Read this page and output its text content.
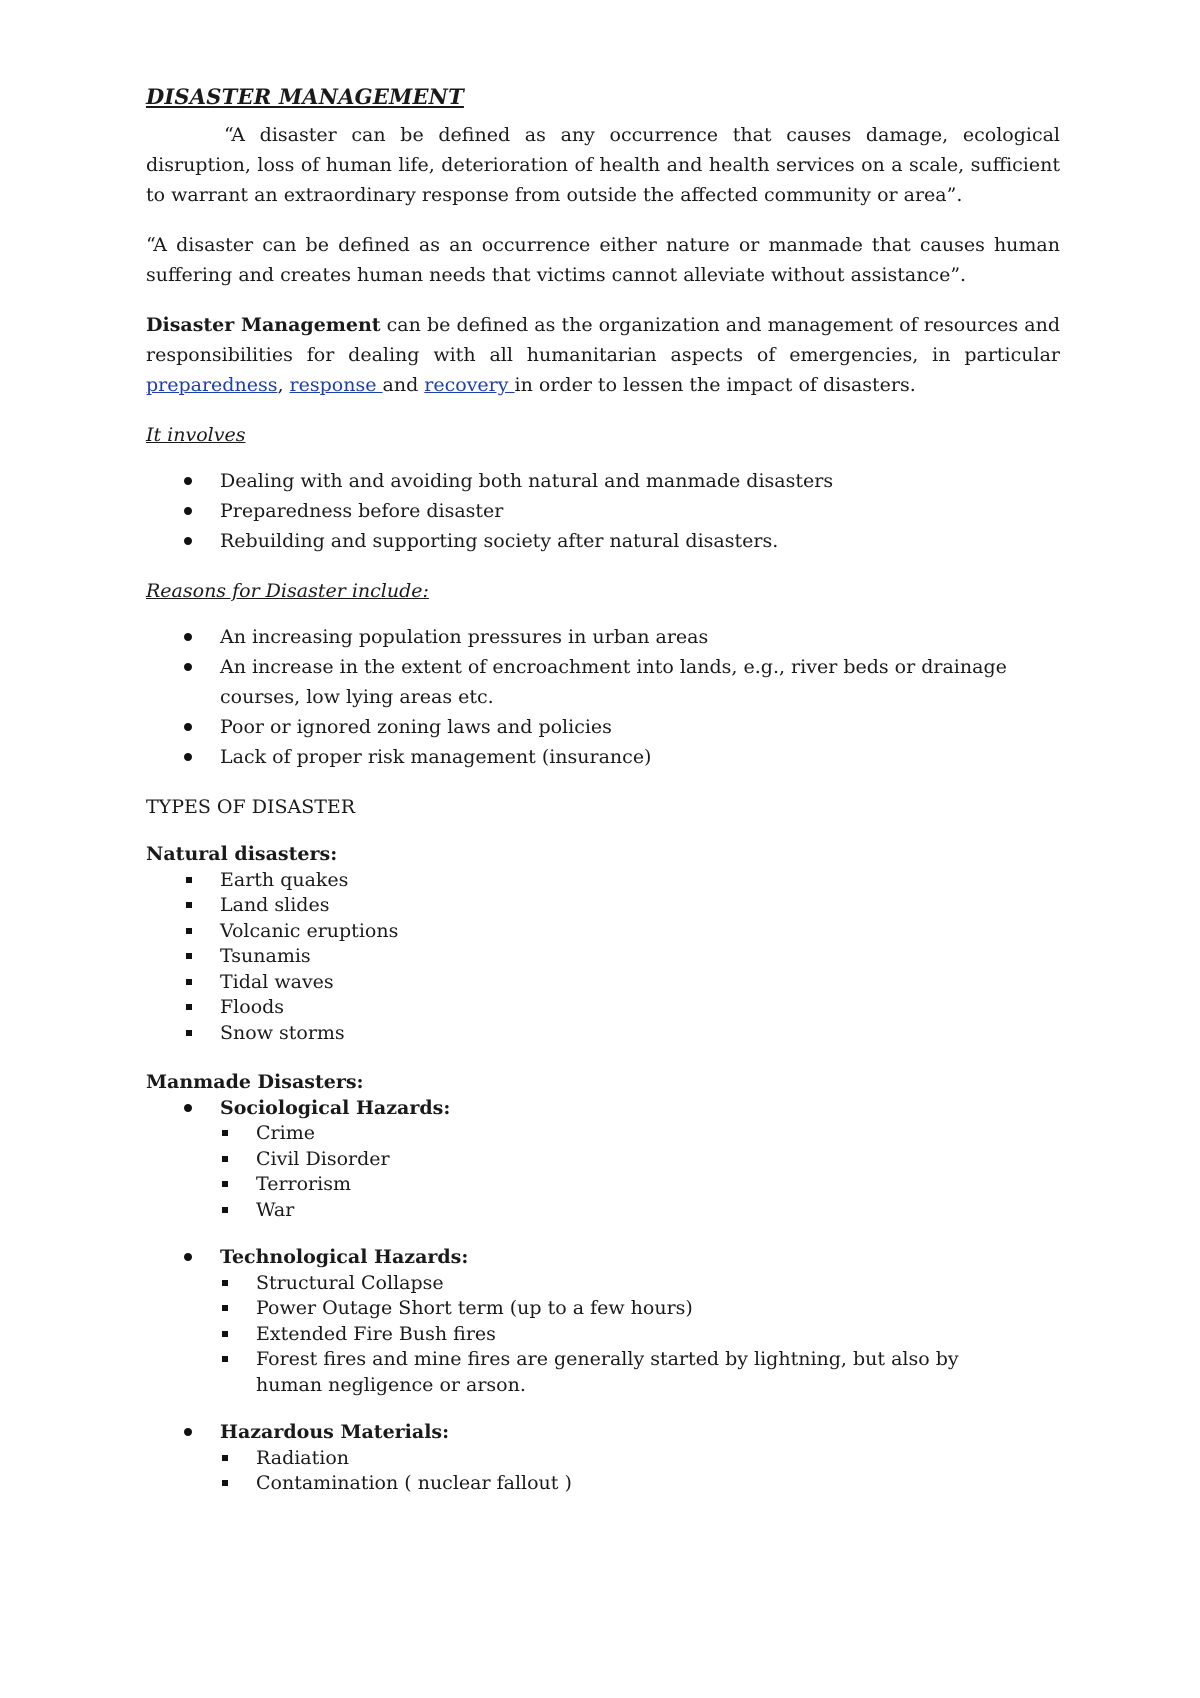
DISASTER MANAGEMENT

“A disaster can be defined as any occurrence that causes damage, ecological disruption, loss of human life, deterioration of health and health services on a scale, sufficient to warrant an extraordinary response from outside the affected community or area”.

“A disaster can be defined as an occurrence either nature or manmade that causes human suffering and creates human needs that victims cannot alleviate without assistance”.

Disaster Management can be defined as the organization and management of resources and responsibilities for dealing with all humanitarian aspects of emergencies, in particular preparedness, response and recovery in order to lessen the impact of disasters.

It involves
Dealing with and avoiding both natural and manmade disasters
Preparedness before disaster
Rebuilding and supporting society after natural disasters.
Reasons for Disaster include:
An increasing population pressures in urban areas
An increase in the extent of encroachment into lands, e.g., river beds or drainage courses, low lying areas etc.
Poor or ignored zoning laws and policies
Lack of proper risk management (insurance)
TYPES OF DISASTER
Natural disasters:
Earth quakes
Land slides
Volcanic eruptions
Tsunamis
Tidal waves
Floods
Snow storms
Manmade Disasters:
Sociological Hazards:
Crime
Civil Disorder
Terrorism
War
Technological Hazards:
Structural Collapse
Power Outage Short term (up to a few hours)
Extended Fire Bush fires
Forest fires and mine fires are generally started by lightning, but also by human negligence or arson.
Hazardous Materials:
Radiation
Contamination ( nuclear fallout )
